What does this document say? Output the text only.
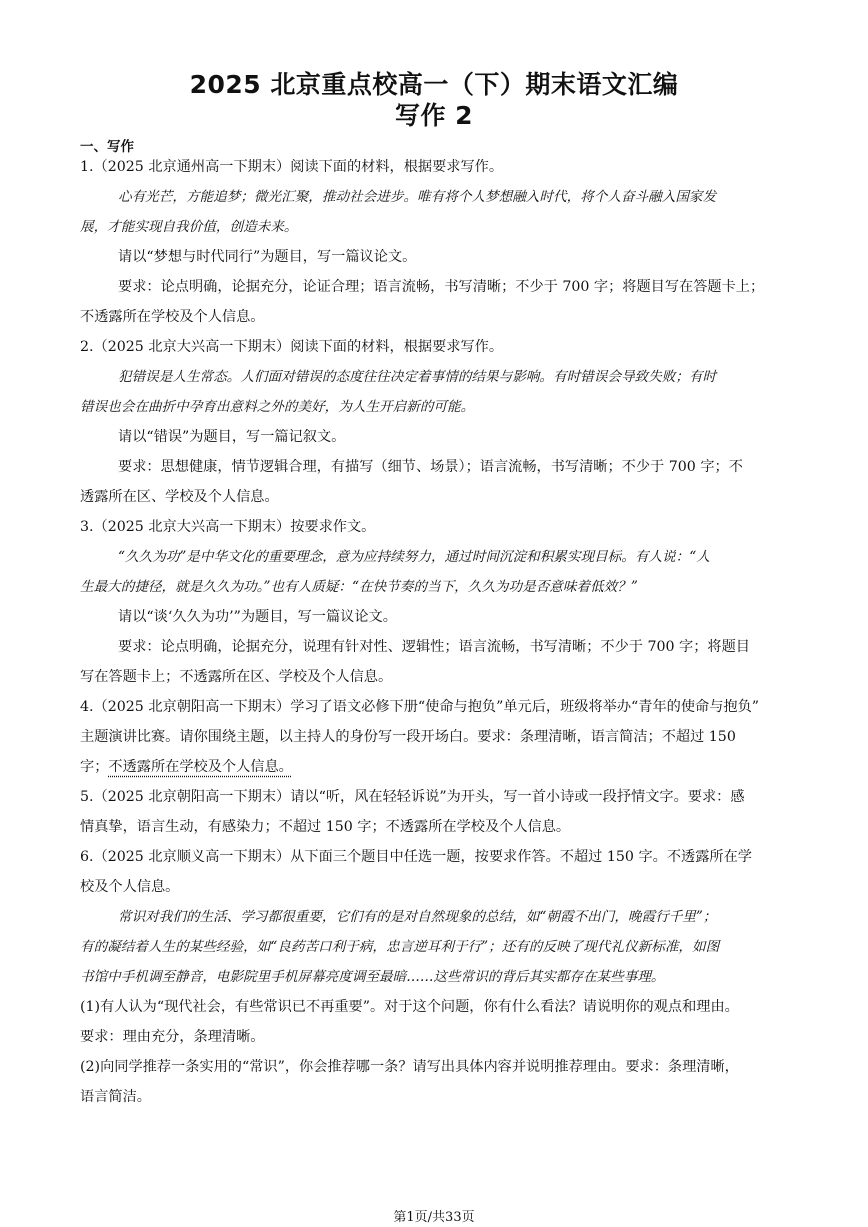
2025 北京重点校高一（下）期末语文汇编
写作 2
一、写作

1.（2025 北京通州高一下期末）阅读下面的材料，根据要求写作。

心有光芒，方能追梦；微光汇聚，推动社会进步。唯有将个人梦想融入时代，将个人奋斗融入国家发

展，才能实现自我价值，创造未来。

请以“梦想与时代同行”为题目，写一篇议论文。

要求：论点明确，论据充分，论证合理；语言流畅，书写清晰；不少于 700 字；将题目写在答题卡上；

不透露所在学校及个人信息。

2.（2025 北京大兴高一下期末）阅读下面的材料，根据要求写作。

犯错误是人生常态。人们面对错误的态度往往决定着事情的结果与影响。有时错误会导致失败；有时

错误也会在曲折中孕育出意料之外的美好，为人生开启新的可能。

请以“错误”为题目，写一篇记叙文。

要求：思想健康，情节逻辑合理，有描写（细节、场景）；语言流畅，书写清晰；不少于 700 字；不

透露所在区、学校及个人信息。

3.（2025 北京大兴高一下期末）按要求作文。

“久久为功”是中华文化的重要理念，意为应持续努力，通过时间沉淀和积累实现目标。有人说：“人

生最大的捷径，就是久久为功。”也有人质疑：“在快节奏的当下，久久为功是否意味着低效？”

请以“谈‘久久为功’”为题目，写一篇议论文。

要求：论点明确，论据充分，说理有针对性、逻辑性；语言流畅，书写清晰；不少于 700 字；将题目

写在答题卡上；不透露所在区、学校及个人信息。

4.（2025 北京朝阳高一下期末）学习了语文必修下册“使命与抱负”单元后，班级将举办“青年的使命与抱负”

主题演讲比赛。请你围绕主题，以主持人的身份写一段开场白。要求：条理清晰，语言简洁；不超过 150

字；不透露所在学校及个人信息。

5.（2025 北京朝阳高一下期末）请以“听，风在轻轻诉说”为开头，写一首小诗或一段抒情文字。要求：感

情真挚，语言生动，有感染力；不超过 150 字；不透露所在学校及个人信息。

6.（2025 北京顺义高一下期末）从下面三个题目中任选一题，按要求作答。不超过 150 字。不透露所在学

校及个人信息。

常识对我们的生活、学习都很重要，它们有的是对自然现象的总结，如“朝霞不出门，晚霞行千里”；

有的凝结着人生的某些经验，如“良药苦口利于病，忠言逆耳利于行”；还有的反映了现代礼仪新标准，如图

书馆中手机调至静音，电影院里手机屏幕亮度调至最暗……这些常识的背后其实都存在某些事理。

(1)有人认为“现代社会，有些常识已不再重要”。对于这个问题，你有什么看法？请说明你的观点和理由。

要求：理由充分，条理清晰。

(2)向同学推荐一条实用的“常识”，你会推荐哪一条？请写出具体内容并说明推荐理由。要求：条理清晰，

语言简洁。

第1页/共33页
